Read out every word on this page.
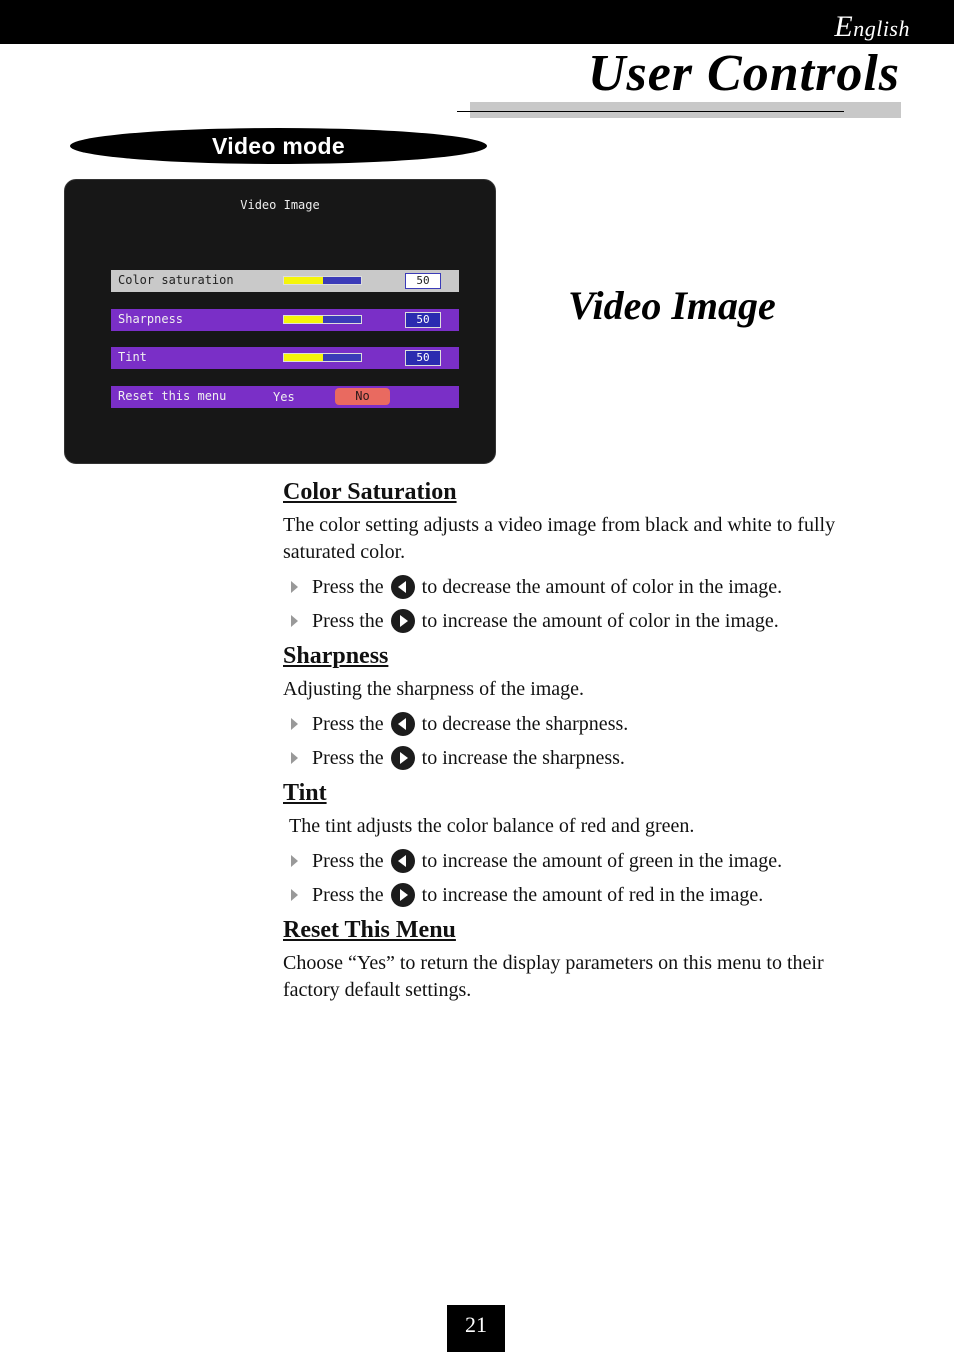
English
User Controls
Video mode
Video Image
Color saturation	50
Sharpness	50
Tint	50
Reset this menu	Yes	No
Video Image
Color Saturation
The color setting adjusts a video image from black and white to fully saturated color.
Press the to decrease the amount of color in the image.
Press the to increase the amount of color in the image.
Sharpness
Adjusting the sharpness of the image.
Press the to decrease the sharpness.
Press the to increase the sharpness.
Tint
The tint adjusts the color balance of red and green.
Press the to increase the amount of green in the image.
Press the to increase the amount of red in the image.
Reset This Menu
Choose “Yes” to return the display parameters on this menu to their factory default settings.
21
